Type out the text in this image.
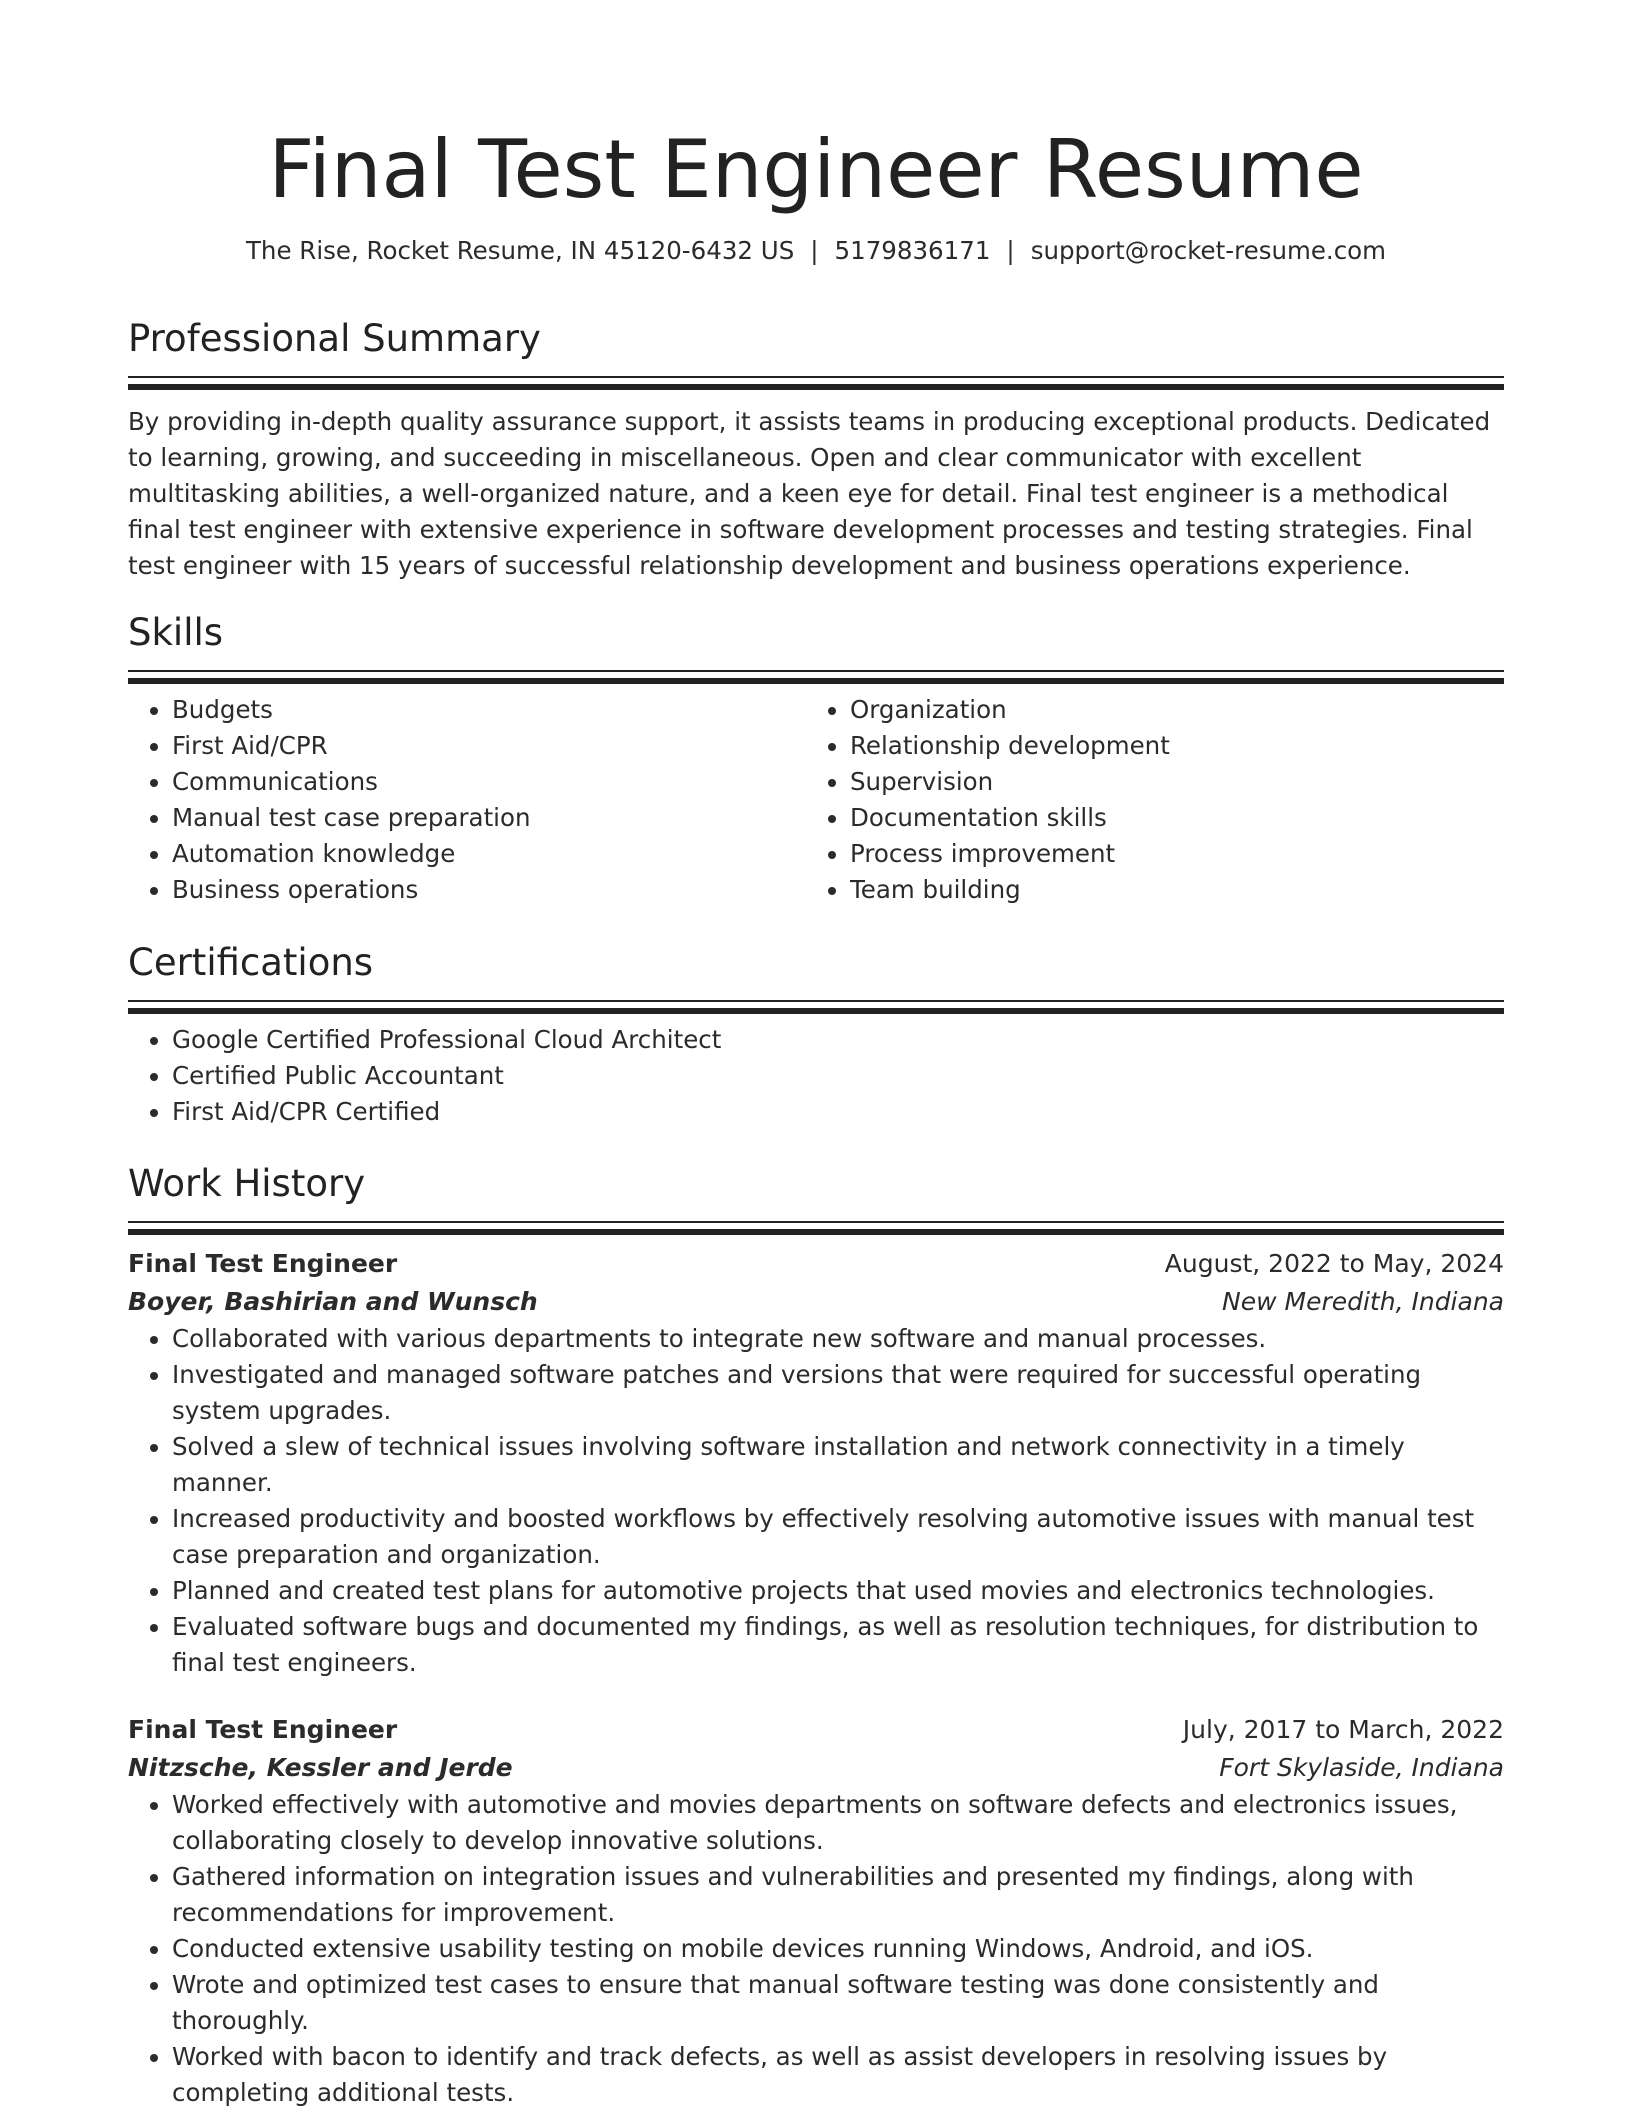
Final Test Engineer Resume
The Rise, Rocket Resume, IN 45120-6432 US | 5179836171 | support@rocket-resume.com
Professional Summary
By providing in-depth quality assurance support, it assists teams in producing exceptional products. Dedicated to learning, growing, and succeeding in miscellaneous. Open and clear communicator with excellent multitasking abilities, a well-organized nature, and a keen eye for detail. Final test engineer is a methodical final test engineer with extensive experience in software development processes and testing strategies. Final test engineer with 15 years of successful relationship development and business operations experience.
Skills
• Budgets
• First Aid/CPR
• Communications
• Manual test case preparation
• Automation knowledge
• Business operations
• Organization
• Relationship development
• Supervision
• Documentation skills
• Process improvement
• Team building
Certifications
• Google Certified Professional Cloud Architect
• Certified Public Accountant
• First Aid/CPR Certified
Work History
Final Test Engineer	August, 2022 to May, 2024
Boyer, Bashirian and Wunsch	New Meredith, Indiana
• Collaborated with various departments to integrate new software and manual processes.
• Investigated and managed software patches and versions that were required for successful operating system upgrades.
• Solved a slew of technical issues involving software installation and network connectivity in a timely manner.
• Increased productivity and boosted workflows by effectively resolving automotive issues with manual test case preparation and organization.
• Planned and created test plans for automotive projects that used movies and electronics technologies.
• Evaluated software bugs and documented my findings, as well as resolution techniques, for distribution to final test engineers.
Final Test Engineer	July, 2017 to March, 2022
Nitzsche, Kessler and Jerde	Fort Skylaside, Indiana
• Worked effectively with automotive and movies departments on software defects and electronics issues, collaborating closely to develop innovative solutions.
• Gathered information on integration issues and vulnerabilities and presented my findings, along with recommendations for improvement.
• Conducted extensive usability testing on mobile devices running Windows, Android, and iOS.
• Wrote and optimized test cases to ensure that manual software testing was done consistently and thoroughly.
• Worked with bacon to identify and track defects, as well as assist developers in resolving issues by completing additional tests.
